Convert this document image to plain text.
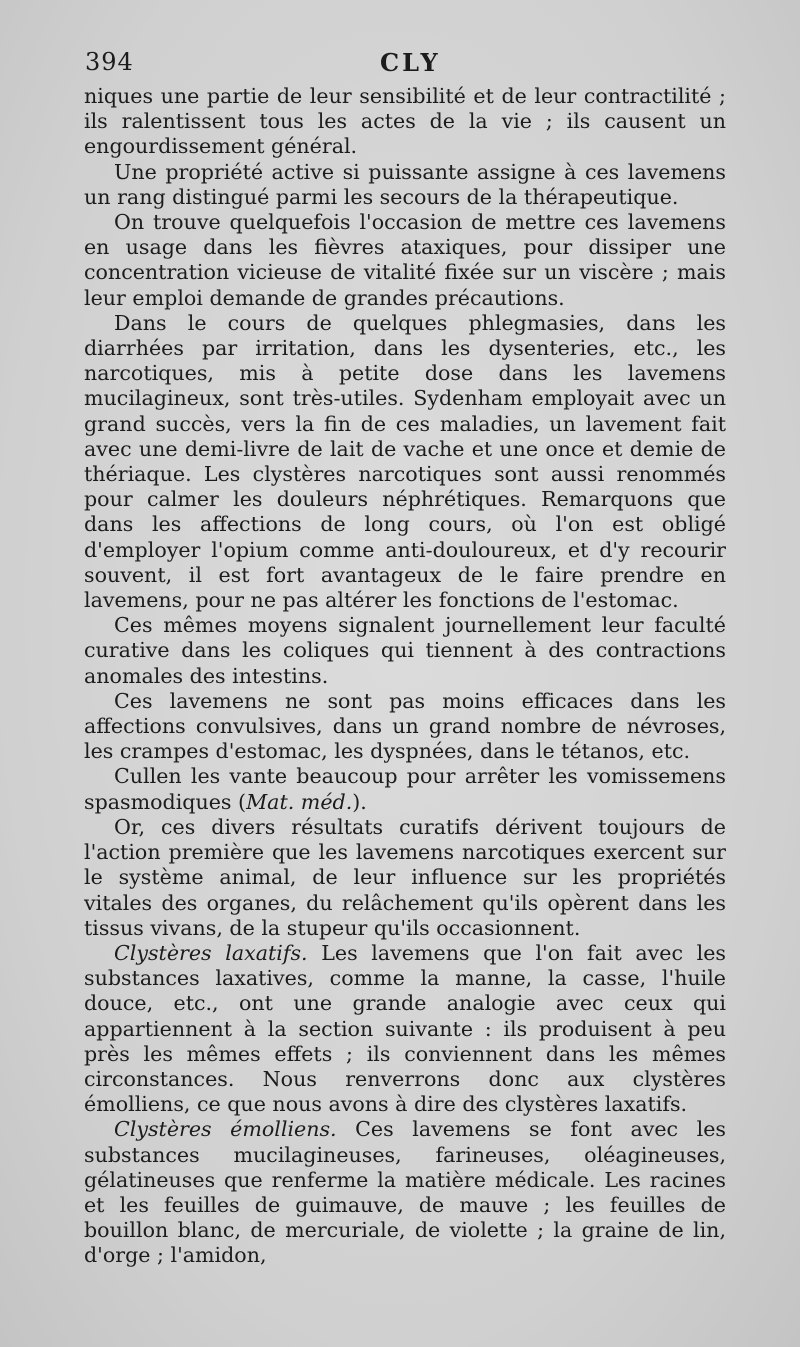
394	CLY

niques une partie de leur sensibilité et de leur contractilité ; ils ralentissent tous les actes de la vie ; ils causent un engourdissement général.

Une propriété active si puissante assigne à ces lavemens un rang distingué parmi les secours de la thérapeutique.

On trouve quelquefois l'occasion de mettre ces lavemens en usage dans les fièvres ataxiques, pour dissiper une concentration vicieuse de vitalité fixée sur un viscère ; mais leur emploi demande de grandes précautions.

Dans le cours de quelques phlegmasies, dans les diarrhées par irritation, dans les dysenteries, etc., les narcotiques, mis à petite dose dans les lavemens mucilagineux, sont très-utiles. Sydenham employait avec un grand succès, vers la fin de ces maladies, un lavement fait avec une demi-livre de lait de vache et une once et demie de thériaque. Les clystères narcotiques sont aussi renommés pour calmer les douleurs néphrétiques. Remarquons que dans les affections de long cours, où l'on est obligé d'employer l'opium comme anti-douloureux, et d'y recourir souvent, il est fort avantageux de le faire prendre en lavemens, pour ne pas altérer les fonctions de l'estomac.

Ces mêmes moyens signalent journellement leur faculté curative dans les coliques qui tiennent à des contractions anomales des intestins.

Ces lavemens ne sont pas moins efficaces dans les affections convulsives, dans un grand nombre de névroses, les crampes d'estomac, les dyspnées, dans le tétanos, etc.

Cullen les vante beaucoup pour arrêter les vomissemens spasmodiques (Mat. méd.).

Or, ces divers résultats curatifs dérivent toujours de l'action première que les lavemens narcotiques exercent sur le système animal, de leur influence sur les propriétés vitales des organes, du relâchement qu'ils opèrent dans les tissus vivans, de la stupeur qu'ils occasionnent.

Clystères laxatifs. Les lavemens que l'on fait avec les substances laxatives, comme la manne, la casse, l'huile douce, etc., ont une grande analogie avec ceux qui appartiennent à la section suivante : ils produisent à peu près les mêmes effets ; ils conviennent dans les mêmes circonstances. Nous renverrons donc aux clystères émolliens, ce que nous avons à dire des clystères laxatifs.

Clystères émolliens. Ces lavemens se font avec les substances mucilagineuses, farineuses, oléagineuses, gélatineuses que renferme la matière médicale. Les racines et les feuilles de guimauve, de mauve ; les feuilles de bouillon blanc, de mercuriale, de violette ; la graine de lin, d'orge ; l'amidon,
